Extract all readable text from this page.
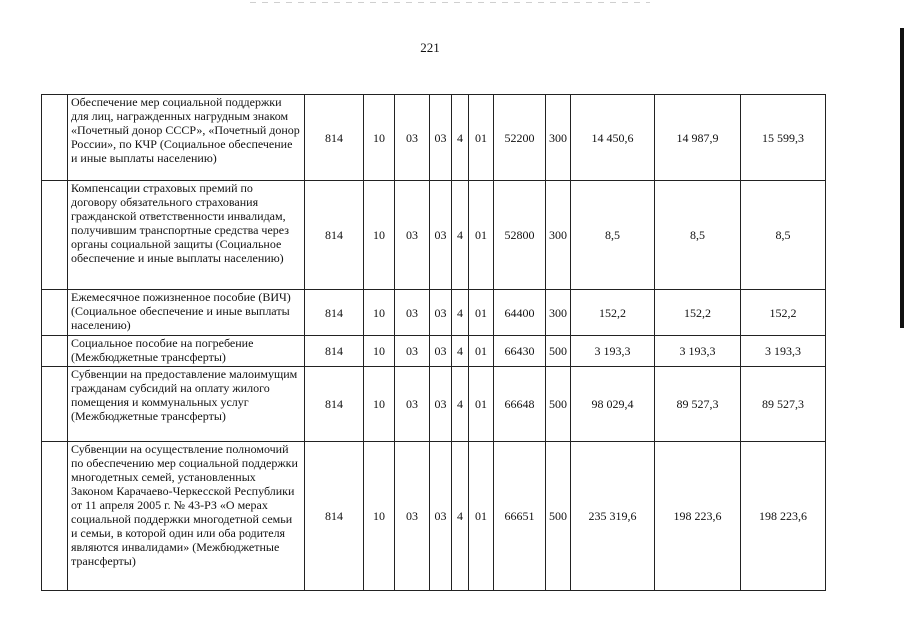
221
	Обеспечение мер социальной поддержки для лиц, награжденных нагрудным знаком «Почетный донор СССР», «Почетный донор России», по КЧР (Социальное обеспечение и иные выплаты населению)	814	10	03	03	4	01	52200	300	14 450,6	14 987,9	15 599,3
	Компенсации страховых премий по договору обязательного страхования гражданской ответственности инвалидам, получившим транспортные средства через органы социальной защиты (Социальное обеспечение и иные выплаты населению)	814	10	03	03	4	01	52800	300	8,5	8,5	8,5
	Ежемесячное пожизненное пособие (ВИЧ) (Социальное обеспечение и иные выплаты населению)	814	10	03	03	4	01	64400	300	152,2	152,2	152,2
	Социальное пособие на погребение (Межбюджетные трансферты)	814	10	03	03	4	01	66430	500	3 193,3	3 193,3	3 193,3
	Субвенции на предоставление малоимущим гражданам субсидий на оплату жилого помещения и коммунальных услуг (Межбюджетные трансферты)	814	10	03	03	4	01	66648	500	98 029,4	89 527,3	89 527,3
	Субвенции на осуществление полномочий по обеспечению мер социальной поддержки многодетных семей, установленных Законом Карачаево-Черкесской Республики от 11 апреля 2005 г. № 43-РЗ «О мерах социальной поддержки многодетной семьи и семьи, в которой один или оба родителя являются инвалидами» (Межбюджетные трансферты)	814	10	03	03	4	01	66651	500	235 319,6	198 223,6	198 223,6
